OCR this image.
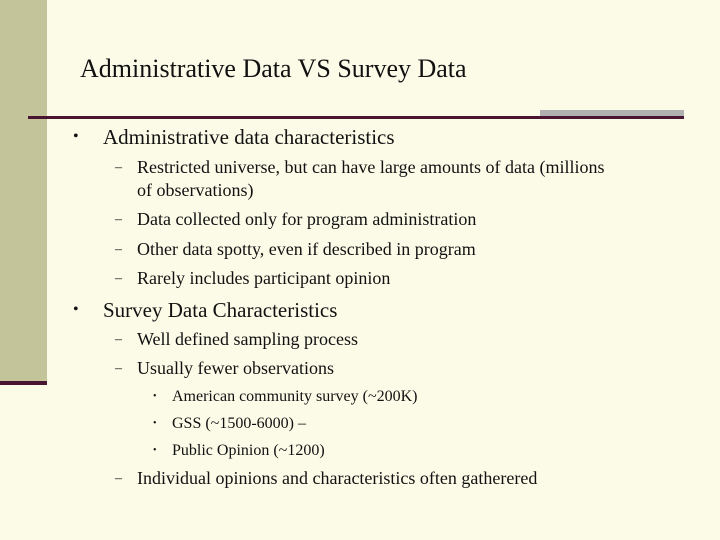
Administrative Data VS Survey Data
• Administrative data characteristics
– Restricted universe, but can have large amounts of data (millions
of observations)
– Data collected only for program administration
– Other data spotty, even if described in program
– Rarely includes participant opinion
• Survey Data Characteristics
– Well defined sampling process
– Usually fewer observations
• American community survey (~200K)
• GSS (~1500-6000) –
• Public Opinion (~1200)
– Individual opinions and characteristics often gatherered
